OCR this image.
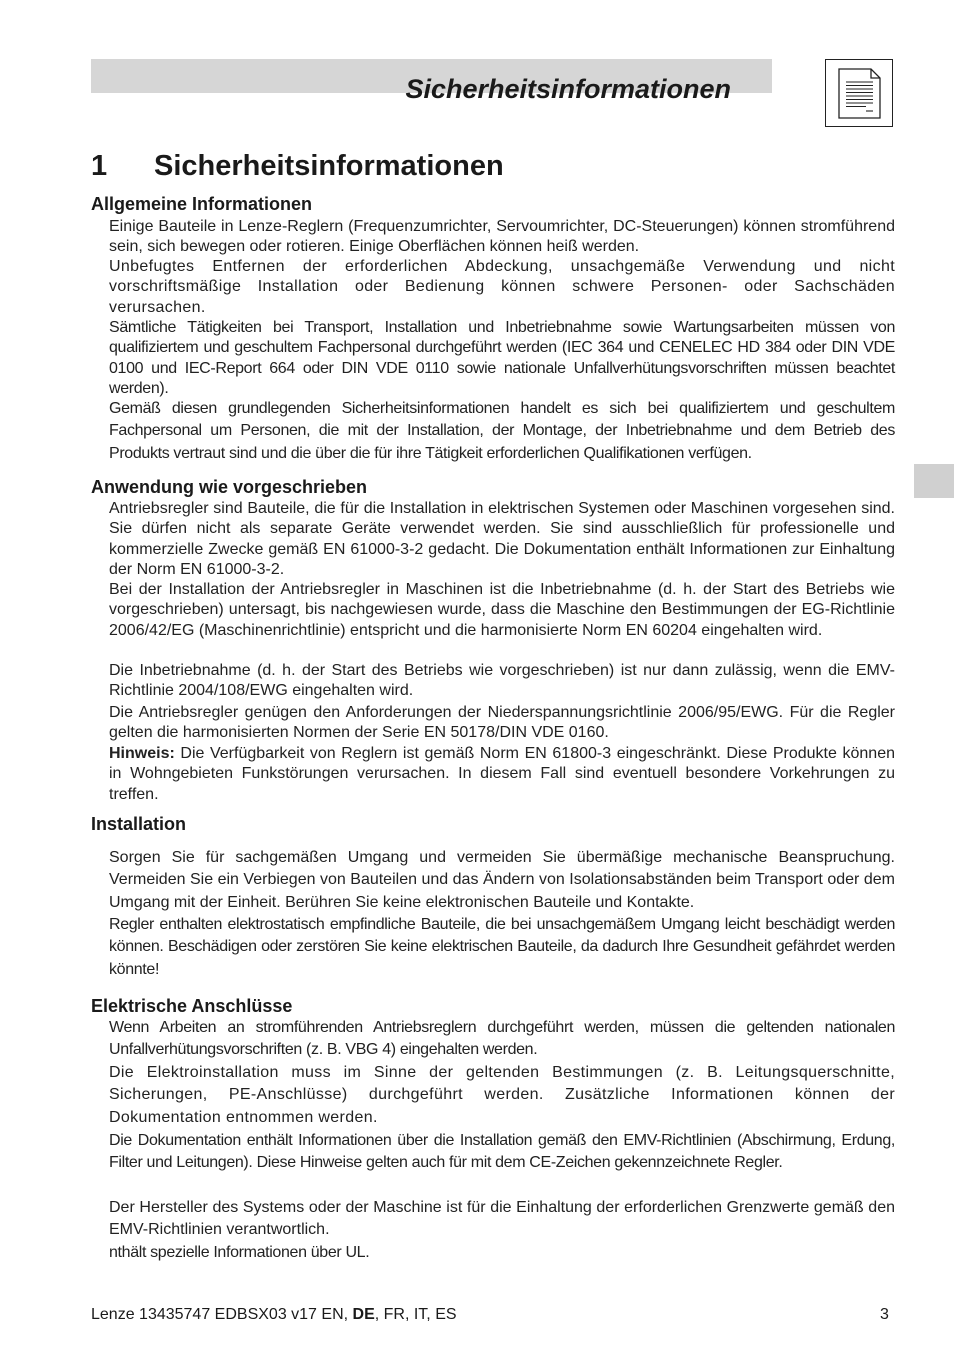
Sicherheitsinformationen
1 Sicherheitsinformationen
Allgemeine Informationen

Einige Bauteile in Lenze-Reglern (Frequenzumrichter, Servoumrichter, DC-Steuerungen) können stromführend sein, sich bewegen oder rotieren. Einige Oberflächen können heiß werden.

Unbefugtes Entfernen der erforderlichen Abdeckung, unsachgemäße Verwendung und nicht vorschriftsmäßige Installation oder Bedienung können schwere Personen- oder Sachschäden verursachen.

Sämtliche Tätigkeiten bei Transport, Installation und Inbetriebnahme sowie Wartungsarbeiten müssen von qualifiziertem und geschultem Fachpersonal durchgeführt werden (IEC 364 und CENELEC HD 384 oder DIN VDE 0100 und IEC-Report 664 oder DIN VDE 0110 sowie nationale Unfallverhütungsvorschriften müssen beachtet werden).

Gemäß diesen grundlegenden Sicherheitsinformationen handelt es sich bei qualifiziertem und geschultem Fachpersonal um Personen, die mit der Installation, der Montage, der Inbetriebnahme und dem Betrieb des Produkts vertraut sind und die über die für ihre Tätigkeit erforderlichen Qualifikationen verfügen.

Anwendung wie vorgeschrieben

Antriebsregler sind Bauteile, die für die Installation in elektrischen Systemen oder Maschinen vorgesehen sind. Sie dürfen nicht als separate Geräte verwendet werden. Sie sind ausschließlich für professionelle und kommerzielle Zwecke gemäß EN 61000-3-2 gedacht. Die Dokumentation enthält Informationen zur Einhaltung der Norm EN 61000-3-2.

Bei der Installation der Antriebsregler in Maschinen ist die Inbetriebnahme (d. h. der Start des Betriebs wie vorgeschrieben) untersagt, bis nachgewiesen wurde, dass die Maschine den Bestimmungen der EG-Richtlinie 2006/42/EG (Maschinenrichtlinie) entspricht und die harmonisierte Norm EN 60204 eingehalten wird.

Die Inbetriebnahme (d. h. der Start des Betriebs wie vorgeschrieben) ist nur dann zulässig, wenn die EMV-Richtlinie 2004/108/EWG eingehalten wird.

Die Antriebsregler genügen den Anforderungen der Niederspannungsrichtlinie 2006/95/EWG. Für die Regler gelten die harmonisierten Normen der Serie EN 50178/DIN VDE 0160.

Hinweis: Die Verfügbarkeit von Reglern ist gemäß Norm EN 61800-3 eingeschränkt. Diese Produkte können in Wohngebieten Funkstörungen verursachen. In diesem Fall sind eventuell besondere Vorkehrungen zu treffen.

Installation

Sorgen Sie für sachgemäßen Umgang und vermeiden Sie übermäßige mechanische Beanspruchung. Vermeiden Sie ein Verbiegen von Bauteilen und das Ändern von Isolationsabständen beim Transport oder dem Umgang mit der Einheit. Berühren Sie keine elektronischen Bauteile und Kontakte.

Regler enthalten elektrostatisch empfindliche Bauteile, die bei unsachgemäßem Umgang leicht beschädigt werden können. Beschädigen oder zerstören Sie keine elektrischen Bauteile, da dadurch Ihre Gesundheit gefährdet werden könnte!

Elektrische Anschlüsse

Wenn Arbeiten an stromführenden Antriebsreglern durchgeführt werden, müssen die geltenden nationalen Unfallverhütungsvorschriften (z. B. VBG 4) eingehalten werden.

Die Elektroinstallation muss im Sinne der geltenden Bestimmungen (z. B. Leitungsquerschnitte, Sicherungen, PE-Anschlüsse) durchgeführt werden. Zusätzliche Informationen können der Dokumentation entnommen werden.

Die Dokumentation enthält Informationen über die Installation gemäß den EMV-Richtlinien (Abschirmung, Erdung, Filter und Leitungen). Diese Hinweise gelten auch für mit dem CE-Zeichen gekennzeichnete Regler.

Der Hersteller des Systems oder der Maschine ist für die Einhaltung der erforderlichen Grenzwerte gemäß den EMV-Richtlinien verantwortlich.

nthält spezielle Informationen über UL.

Lenze 13435747 EDBSX03 v17 EN, DE, FR, IT, ES	3
